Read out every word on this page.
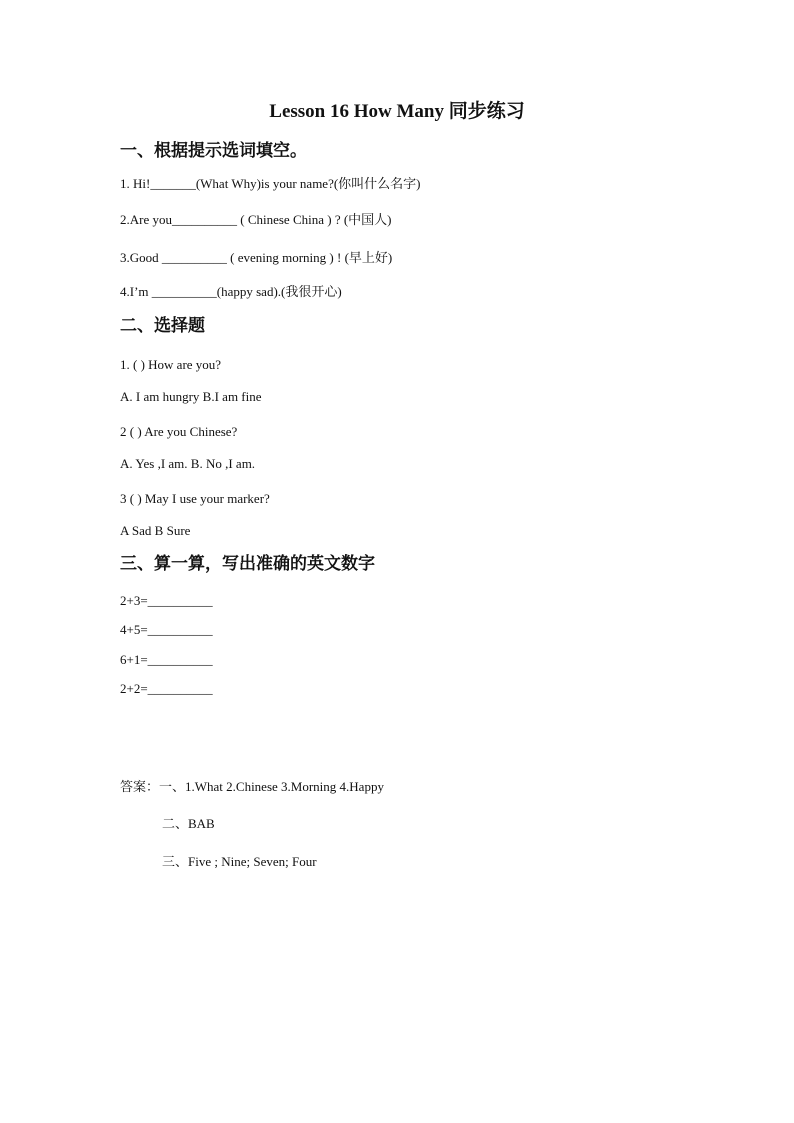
Lesson 16 How Many 同步练习
一、根据提示选词填空。
1. Hi!_______(What Why)is your name?(你叫什么名字)
2.Are you__________ ( Chinese China ) ? (中国人)
3.Good __________ ( evening morning ) ! (早上好)
4.I’m __________(happy sad).(我很开心)
二、选择题
1. ( ) How are you?
A. I am hungry B.I am fine
2 ( ) Are you Chinese?
A. Yes ,I am. B. No ,I am.
3 ( ) May I use your marker?
A Sad B Sure
三、算一算，写出准确的英文数字
2+3=__________
4+5=__________
6+1=__________
2+2=__________
答案：一、1.What 2.Chinese 3.Morning 4.Happy
二、BAB
三、Five ; Nine; Seven; Four
